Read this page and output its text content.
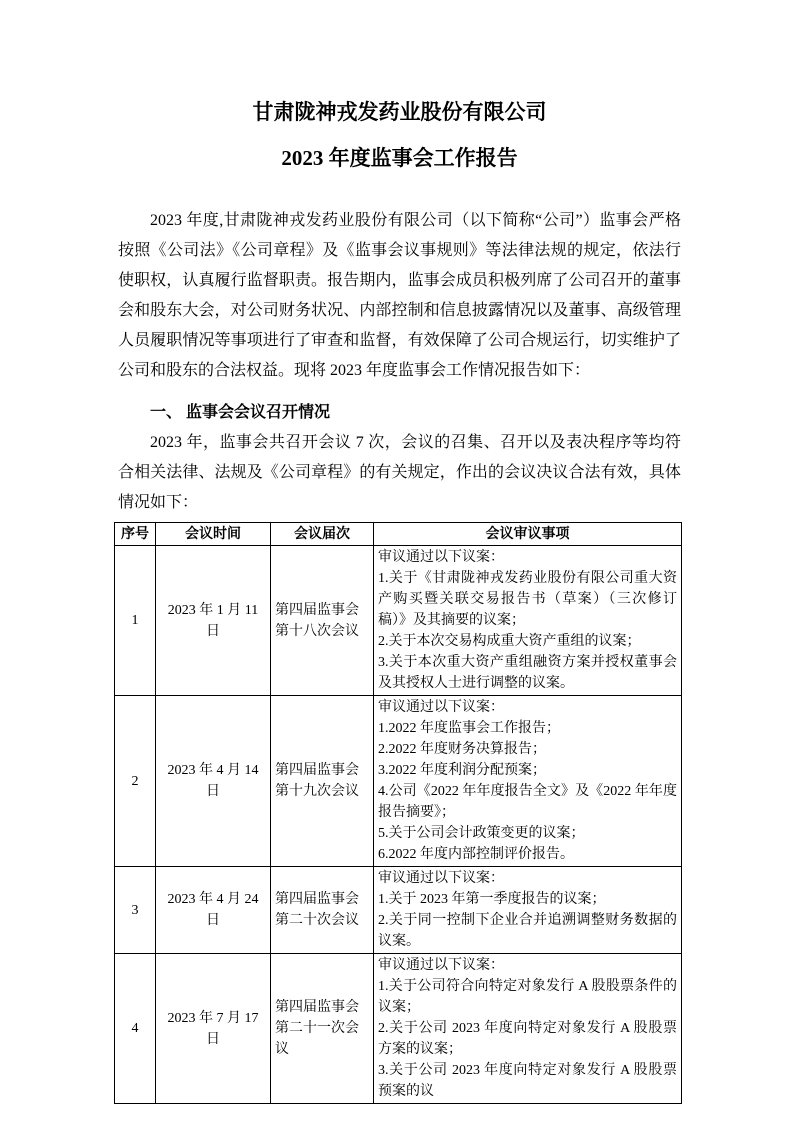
甘肃陇神戎发药业股份有限公司
2023 年度监事会工作报告

2023 年度,甘肃陇神戎发药业股份有限公司（以下简称“公司”）监事会严格按照《公司法》《公司章程》及《监事会议事规则》等法律法规的规定，依法行使职权，认真履行监督职责。报告期内，监事会成员积极列席了公司召开的董事会和股东大会，对公司财务状况、内部控制和信息披露情况以及董事、高级管理人员履职情况等事项进行了审查和监督，有效保障了公司合规运行，切实维护了公司和股东的合法权益。现将 2023 年度监事会工作情况报告如下：

一、 监事会会议召开情况

2023 年，监事会共召开会议 7 次，会议的召集、召开以及表决程序等均符合相关法律、法规及《公司章程》的有关规定，作出的会议决议合法有效，具体情况如下：

序号	会议时间	会议届次	会议审议事项
1	2023 年 1 月 11 日	第四届监事会第十八次会议	审议通过以下议案：
1.关于《甘肃陇神戎发药业股份有限公司重大资产购买暨关联交易报告书（草案）（三次修订稿）》及其摘要的议案；
2.关于本次交易构成重大资产重组的议案；
3.关于本次重大资产重组融资方案并授权董事会及其授权人士进行调整的议案。

2	2023 年 4 月 14 日	第四届监事会第十九次会议	
审议通过以下议案：
1.2022 年度监事会工作报告；
2.2022 年度财务决算报告；
3.2022 年度利润分配预案；
4.公司《2022 年年度报告全文》及《2022 年年度报告摘要》；
5.关于公司会计政策变更的议案；
6.2022 年度内部控制评价报告。

3	2023 年 4 月 24 日	第四届监事会第二十次会议	审议通过以下议案：
1.关于 2023 年第一季度报告的议案；
2.关于同一控制下企业合并追溯调整财务数据的议案。

4	2023 年 7 月 17 日	第四届监事会第二十一次会议	审议通过以下议案：
1.关于公司符合向特定对象发行 A 股股票条件的议案；
2.关于公司 2023 年度向特定对象发行 A 股股票方案的议案；
3.关于公司 2023 年度向特定对象发行 A 股股票预案的议
